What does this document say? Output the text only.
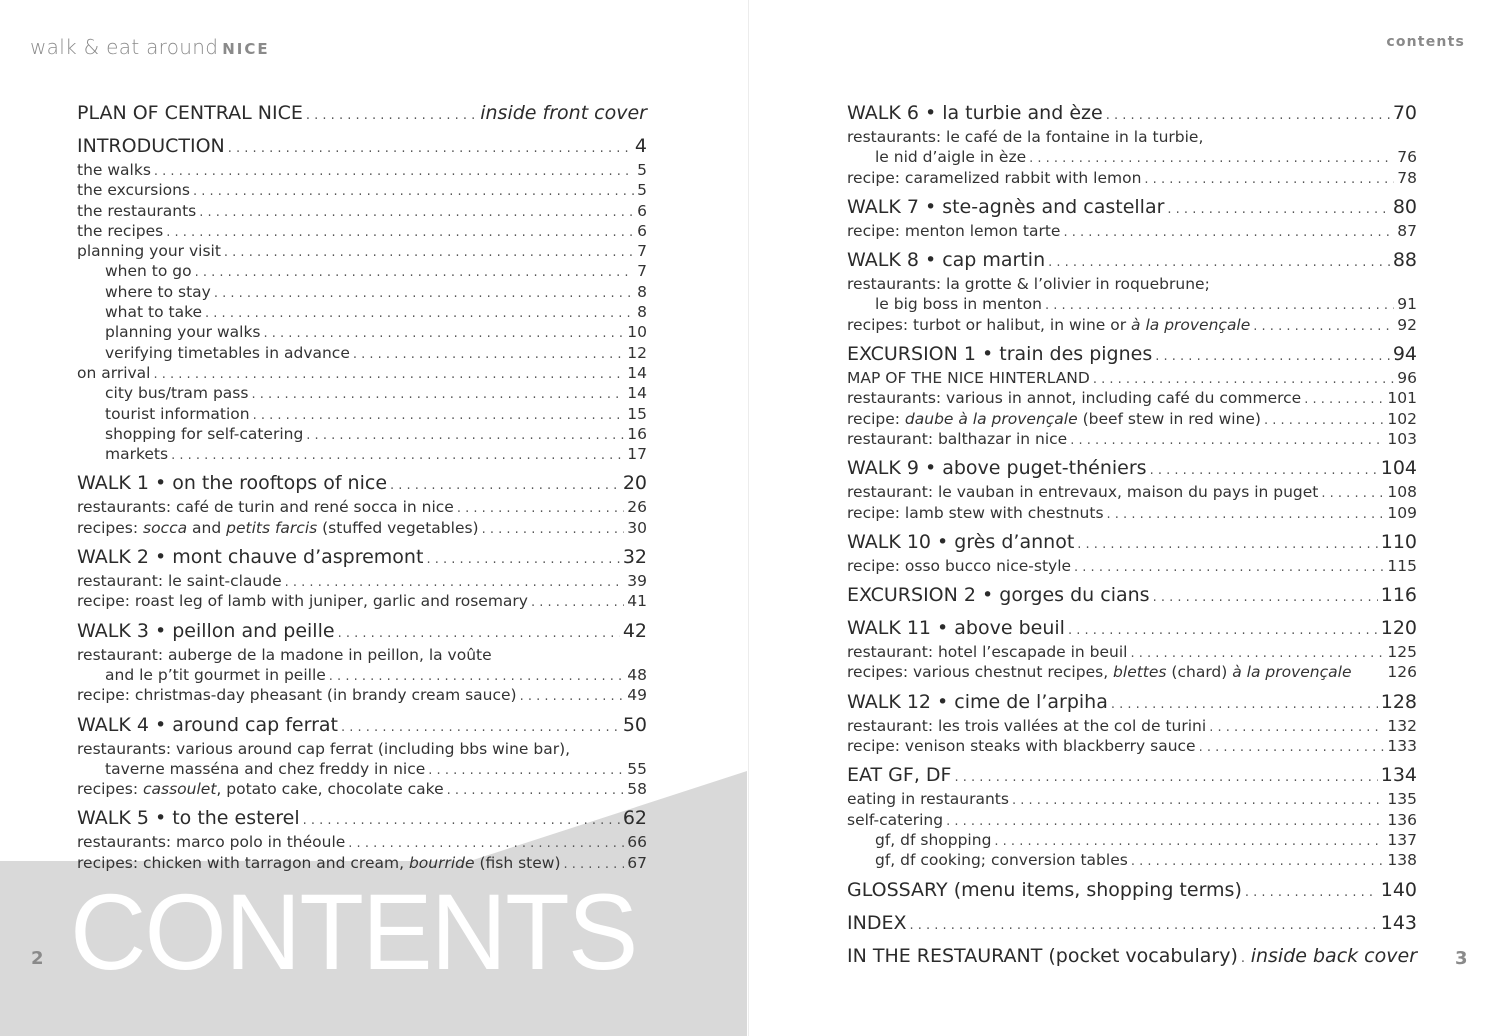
walk & eat around NICE
PLAN OF CENTRAL NICE . . .	inside front cover
INTRODUCTION . . .	4
the walks . . .	5
the excursions . . .	5
the restaurants . . .	6
the recipes . . .	6
planning your visit . . .	7
when to go . . .	7
where to stay . . .	8
what to take . . .	8
planning your walks . . .	10
verifying timetables in advance . . .	12
on arrival . . .	14
city bus/tram pass . . .	14
tourist information . . .	15
shopping for self-catering . . .	16
markets . . .	17
WALK 1 • on the rooftops of nice . . .	20
restaurants: café de turin and rené socca in nice . . .	26
recipes: socca and petits farcis (stuffed vegetables) . . .	30
WALK 2 • mont chauve d’aspremont . . .	32
restaurant: le saint-claude . . .	39
recipe: roast leg of lamb with juniper, garlic and rosemary . . .	41
WALK 3 • peillon and peille . . .	42
restaurant: auberge de la madone in peillon, la voûte
and le p’tit gourmet in peille . . .	48
recipe: christmas-day pheasant (in brandy cream sauce) . . .	49
WALK 4 • around cap ferrat . . .	50
restaurants: various around cap ferrat (including bbs wine bar),
taverne masséna and chez freddy in nice . . .	55
recipes: cassoulet, potato cake, chocolate cake . . .	58
WALK 5 • to the esterel . . .	62
restaurants: marco polo in théoule . . .	66
recipes: chicken with tarragon and cream, bourride (fish stew) . . .	67
CONTENTS
2
contents
WALK 6 • la turbie and èze . . .	70
restaurants: le café de la fontaine in la turbie,
le nid d’aigle in èze . . .	76
recipe: caramelized rabbit with lemon . . .	78
WALK 7 • ste-agnès and castellar . . .	80
recipe: menton lemon tarte . . .	87
WALK 8 • cap martin . . .	88
restaurants: la grotte & l’olivier in roquebrune;
le big boss in menton . . .	91
recipes: turbot or halibut, in wine or à la provençale . . .	92
EXCURSION 1 • train des pignes . . .	94
MAP OF THE NICE HINTERLAND . . .	96
restaurants: various in annot, including café du commerce . . .	101
recipe: daube à la provençale (beef stew in red wine) . . .	102
restaurant: balthazar in nice . . .	103
WALK 9 • above puget-théniers . . .	104
restaurant: le vauban in entrevaux, maison du pays in puget . . .	108
recipe: lamb stew with chestnuts . . .	109
WALK 10 • grès d’annot . . .	110
recipe: osso bucco nice-style . . .	115
EXCURSION 2 • gorges du cians . . .	116
WALK 11 • above beuil . . .	120
restaurant: hotel l’escapade in beuil . . .	125
recipes: various chestnut recipes, blettes (chard) à la provençale 126
WALK 12 • cime de l’arpiha . . .	128
restaurant: les trois vallées at the col de turini . . .	132
recipe: venison steaks with blackberry sauce . . .	133
EAT GF, DF . . .	134
eating in restaurants . . .	135
self-catering . . .	136
gf, df shopping . . .	137
gf, df cooking; conversion tables . . .	138
GLOSSARY (menu items, shopping terms) . . .	140
INDEX . . .	143
IN THE RESTAURANT (pocket vocabulary) . . . inside back cover 3
